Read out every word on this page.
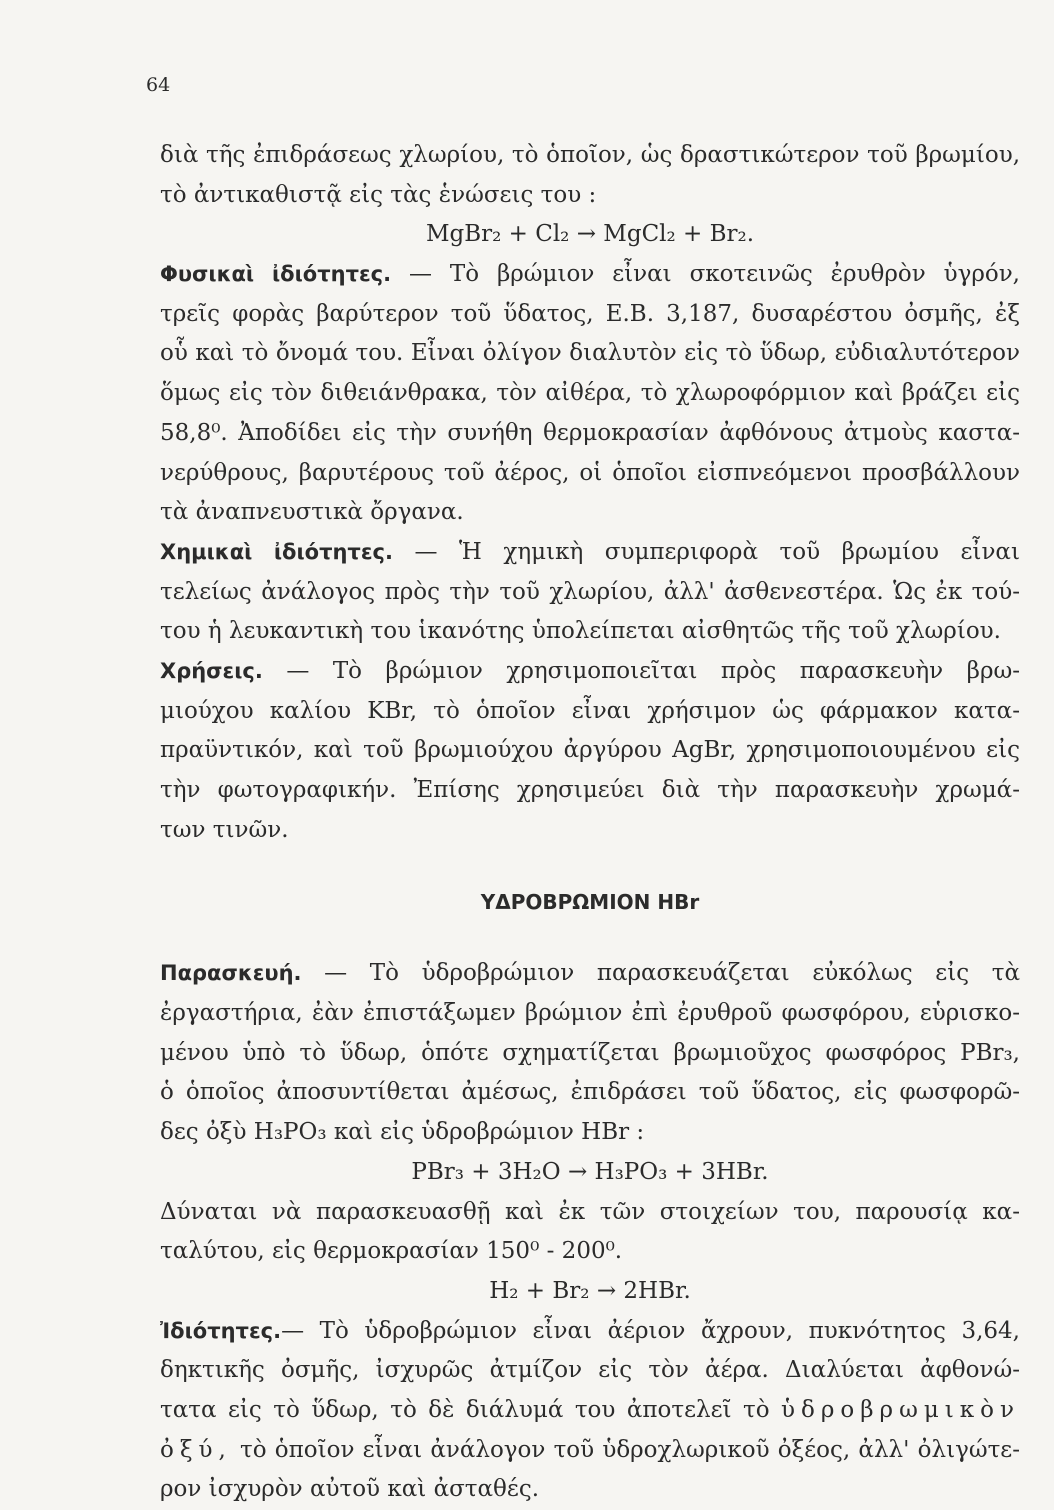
64
διὰ τῆς ἐπιδράσεως χλωρίου, τὸ ὁποῖον, ὡς δραστικώτερον τοῦ βρωμίου,
τὸ ἀντικαθιστᾷ εἰς τὰς ἑνώσεις του :
MgBr₂ + Cl₂ → MgCl₂ + Br₂.
Φυσικαὶ ἰδιότητες. — Τὸ βρώμιον εἶναι σκοτεινῶς ἐρυθρὸν ὑγρόν,
τρεῖς φορὰς βαρύτερον τοῦ ὕδατος, Ε.Β. 3,187, δυσαρέστου ὀσμῆς, ἐξ
οὗ καὶ τὸ ὄνομά του. Εἶναι ὀλίγον διαλυτὸν εἰς τὸ ὕδωρ, εὐδιαλυτότερον
ὅμως εἰς τὸν διθειάνθρακα, τὸν αἰθέρα, τὸ χλωροφόρμιον καὶ βράζει εἰς
58,8⁰. Ἀποδίδει εἰς τὴν συνήθη θερμοκρασίαν ἀφθόνους ἀτμοὺς καστα-
νερύθρους, βαρυτέρους τοῦ ἀέρος, οἱ ὁποῖοι εἰσπνεόμενοι προσβάλλουν
τὰ ἀναπνευστικὰ ὄργανα.
Χημικαὶ ἰδιότητες. — Ἡ χημικὴ συμπεριφορὰ τοῦ βρωμίου εἶναι
τελείως ἀνάλογος πρὸς τὴν τοῦ χλωρίου, ἀλλ' ἀσθενεστέρα. Ὡς ἐκ τού-
του ἡ λευκαντικὴ του ἱκανότης ὑπολείπεται αἰσθητῶς τῆς τοῦ χλωρίου.
Χρήσεις. — Τὸ βρώμιον χρησιμοποιεῖται πρὸς παρασκευὴν βρω-
μιούχου καλίου KBr, τὸ ὁποῖον εἶναι χρήσιμον ὡς φάρμακον κατα-
πραϋντικόν, καὶ τοῦ βρωμιούχου ἀργύρου AgBr, χρησιμοποιουμένου εἰς
τὴν φωτογραφικήν. Ἐπίσης χρησιμεύει διὰ τὴν παρασκευὴν χρωμά-
των τινῶν.
ΥΔΡΟΒΡΩΜΙΟΝ HBr
Παρασκευή. — Τὸ ὑδροβρώμιον παρασκευάζεται εὐκόλως εἰς τὰ
ἐργαστήρια, ἐὰν ἐπιστάξωμεν βρώμιον ἐπὶ ἐρυθροῦ φωσφόρου, εὑρισκο-
μένου ὑπὸ τὸ ὕδωρ, ὁπότε σχηματίζεται βρωμιοῦχος φωσφόρος PBr₃,
ὁ ὁποῖος ἀποσυντίθεται ἀμέσως, ἐπιδράσει τοῦ ὕδατος, εἰς φωσφορῶ-
δες ὀξὺ H₃PO₃ καὶ εἰς ὑδροβρώμιον HBr :
PBr₃ + 3H₂O → H₃PO₃ + 3HBr.
Δύναται νὰ παρασκευασθῇ καὶ ἐκ τῶν στοιχείων του, παρουσίᾳ κα-
ταλύτου, εἰς θερμοκρασίαν 150⁰ - 200⁰.
H₂ + Br₂ → 2HBr.
Ἰδιότητες.— Τὸ ὑδροβρώμιον εἶναι ἀέριον ἄχρουν, πυκνότητος 3,64,
δηκτικῆς ὀσμῆς, ἰσχυρῶς ἀτμίζον εἰς τὸν ἀέρα. Διαλύεται ἀφθονώ-
τατα εἰς τὸ ὕδωρ, τὸ δὲ διάλυμά του ἀποτελεῖ τὸ ὑδροβρωμικὸν
ὀξύ, τὸ ὁποῖον εἶναι ἀνάλογον τοῦ ὑδροχλωρικοῦ ὀξέος, ἀλλ' ὀλιγώτε-
ρον ἰσχυρὸν αὐτοῦ καὶ ἀσταθές.
